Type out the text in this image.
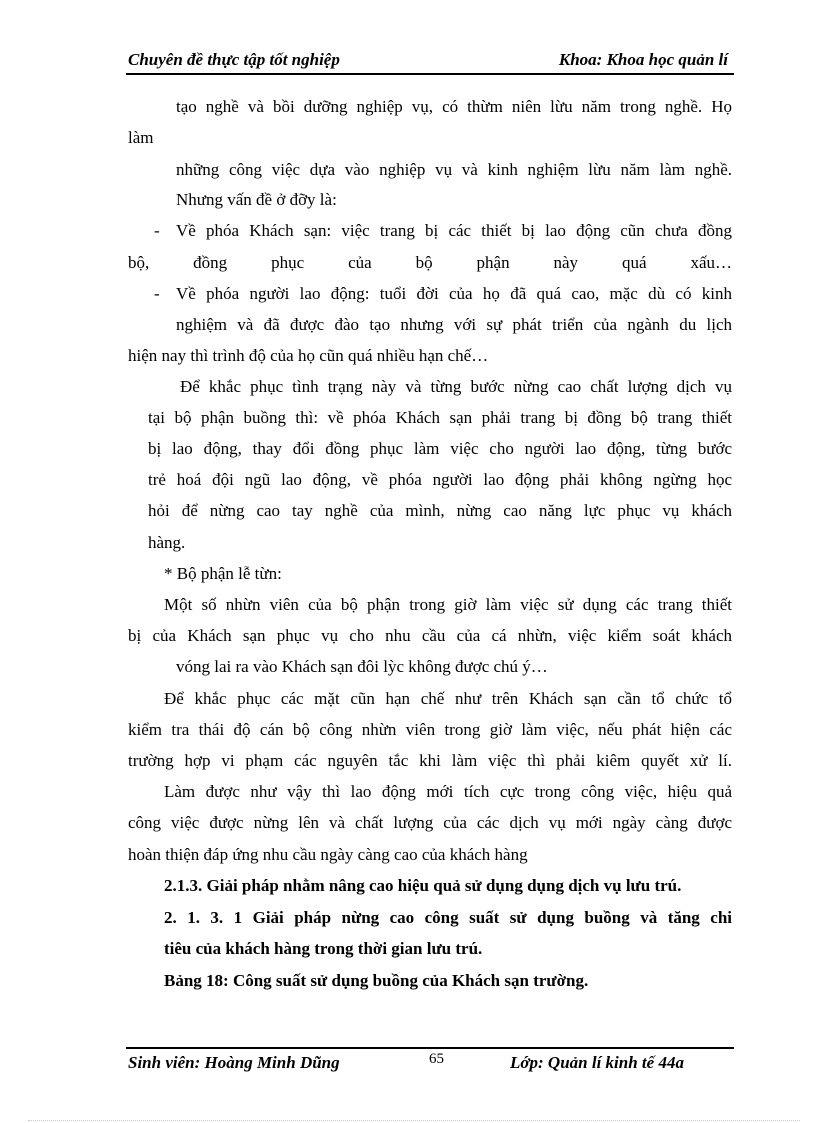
Chuyên đề thực tập tốt nghiệp	Khoa: Khoa học quản lí
tạo nghề và bồi dưỡng nghiệp vụ, có thừm niên lừu năm trong nghề. Họ
làm
những công việc dựa vào nghiệp vụ và kinh nghiệm lừu năm làm nghề.
Nhưng vấn đề ở đỡy là:
- Về phóa Khách sạn: việc trang bị các thiết bị lao động cũn chưa đồng
bộ, đồng phục của bộ phận này quá xấu…
- Về phóa người lao động: tuổi đời của họ đã quá cao, mặc dù có kinh
nghiệm và đã được đào tạo nhưng với sự phát triển của ngành du lịch
hiện nay thì trình độ của họ cũn quá nhiều hạn chế…
Để khắc phục tình trạng này và từng bước nừng cao chất lượng dịch vụ
tại bộ phận buồng thì: về phóa Khách sạn phải trang bị đồng bộ trang thiết
bị lao động, thay đổi đồng phục làm việc cho người lao động, từng bước
trẻ hoá đội ngũ lao động, về phóa người lao động phải không ngừng học
hỏi để nừng cao tay nghề của mình, nừng cao năng lực phục vụ khách
hàng.
* Bộ phận lễ từn:
Một số nhừn viên của bộ phận trong giờ làm việc sử dụng các trang thiết
bị của Khách sạn phục vụ cho nhu cầu của cá nhừn, việc kiểm soát khách
vóng lai ra vào Khách sạn đôi lỳc không được chú ý…
Để khắc phục các mặt cũn hạn chế như trên Khách sạn cần tổ chức tổ
kiểm tra thái độ cán bộ công nhừn viên trong giờ làm việc, nếu phát hiện các
trường hợp vi phạm các nguyên tắc khi làm việc thì phải kiêm quyết xử lí.
Làm được như vậy thì lao động mới tích cực trong công việc, hiệu quả
công việc được nừng lên và chất lượng của các dịch vụ mới ngày càng được
hoàn thiện đáp ứng nhu cầu ngày càng cao của khách hàng
2.1.3. Giải pháp nhằm nâng cao hiệu quả sử dụng dụng dịch vụ lưu trú.
2. 1. 3. 1 Giải pháp nừng cao công suất sử dụng buồng và tăng chi
tiêu của khách hàng trong thời gian lưu trú.
Bảng 18: Công suất sử dụng buồng của Khách sạn trường.
Sinh viên: Hoàng Minh Dũng	65	Lớp: Quản lí kinh tế 44a
